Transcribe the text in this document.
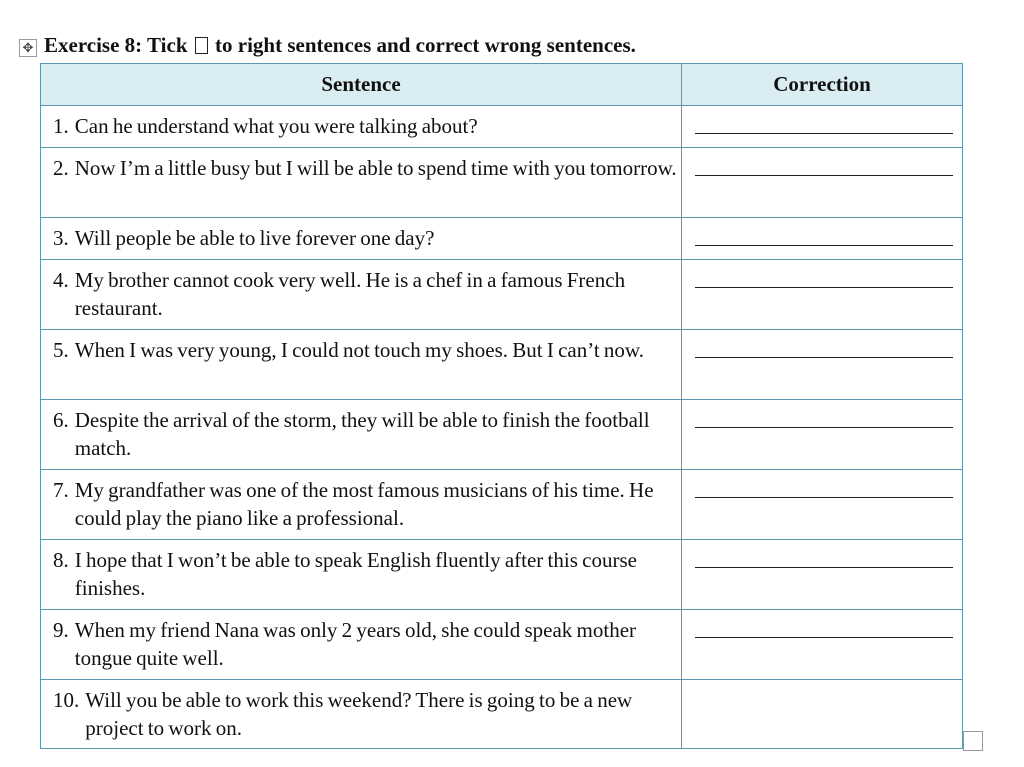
✥ Exercise 8: Tick to right sentences and correct wrong sentences.
Sentence	Correction

1. Can he understand what you were talking about?	

2. Now I’m a little busy but I will be able to spend time with you tomorrow.	

3. Will people be able to live forever one day?	

4. My brother cannot cook very well. He is a chef in a famous French restaurant.	

5. When I was very young, I could not touch my shoes. But I can’t now.	

6. Despite the arrival of the storm, they will be able to finish the football match.	

7. My grandfather was one of the most famous musicians of his time. He could play the piano like a professional.	

8. I hope that I won’t be able to speak English fluently after this course finishes.	

9. When my friend Nana was only 2 years old, she could speak mother tongue quite well.	

10. Will you be able to work this weekend? There is going to be a new project to work on.	
